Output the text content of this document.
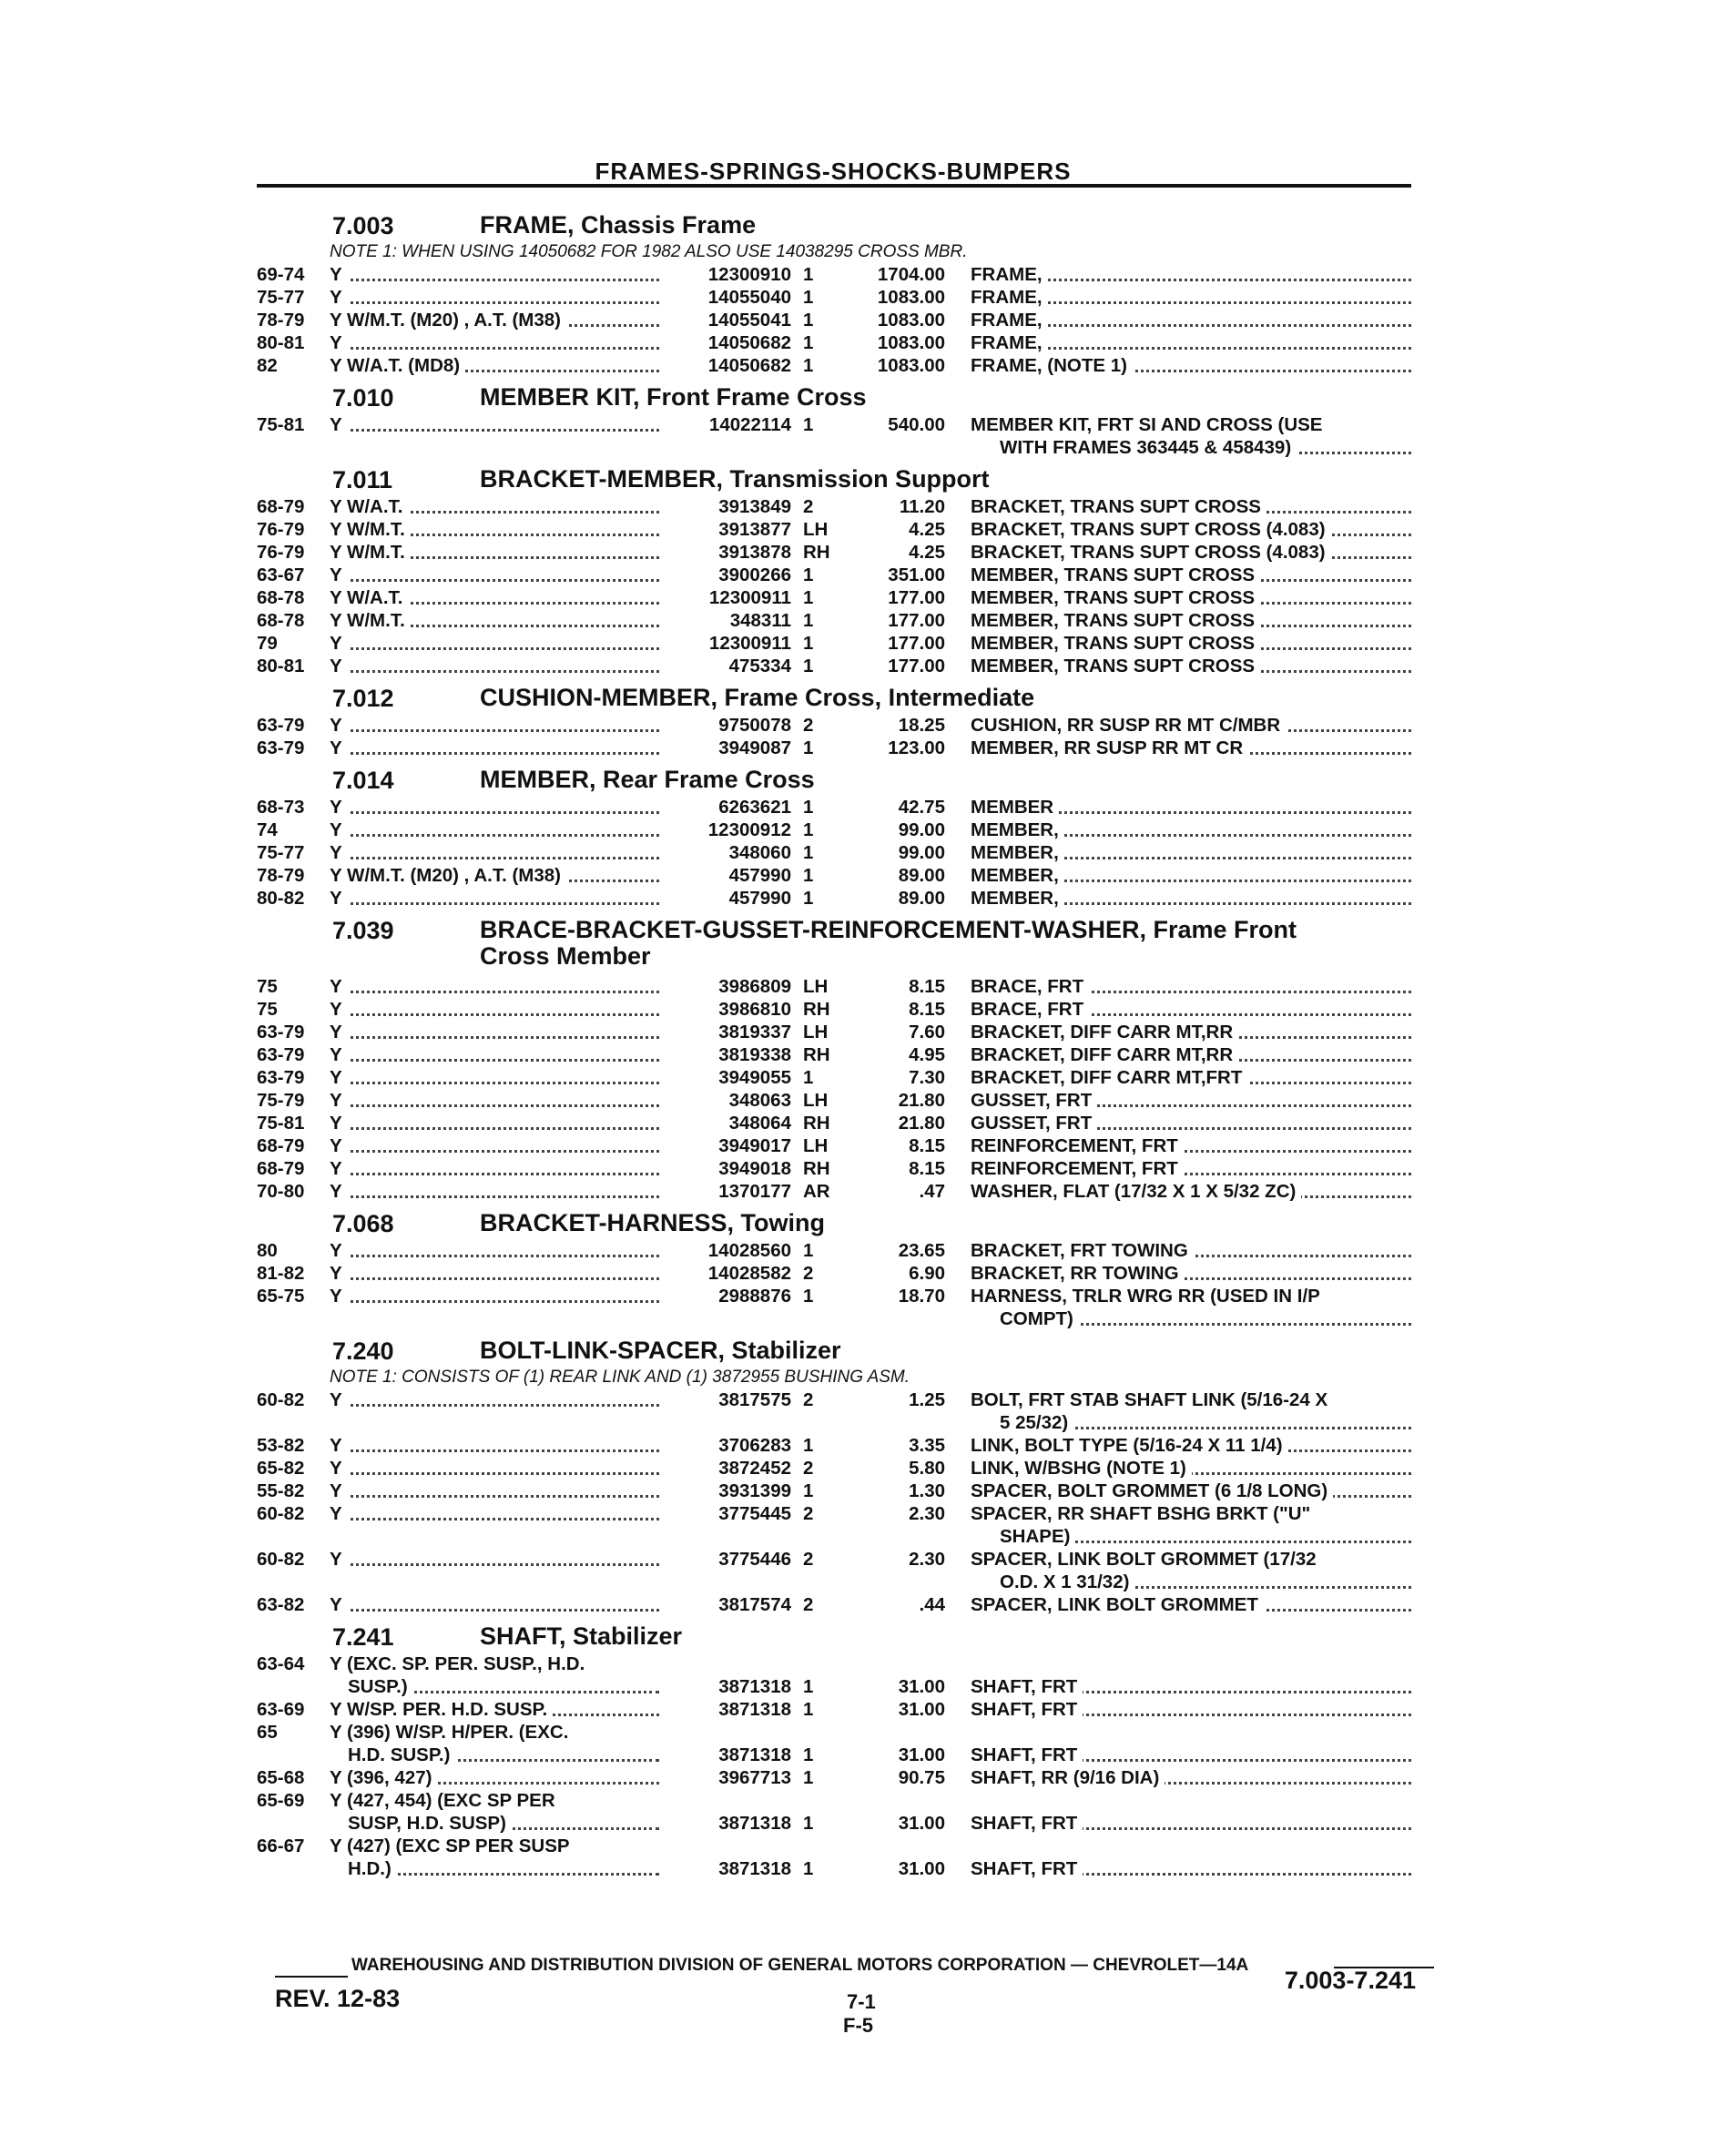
FRAMES-SPRINGS-SHOCKS-BUMPERS
7.003	FRAME, Chassis Frame
NOTE 1: WHEN USING 14050682 FOR 1982 ALSO USE 14038295 CROSS MBR.
69-74	Y	12300910 1	1704.00 FRAME,
75-77	Y	14055040 1	1083.00 FRAME,
78-79	Y W/M.T. (M20) , A.T. (M38)	14055041 1	1083.00 FRAME,
80-81	Y	14050682 1	1083.00 FRAME,
82	Y W/A.T. (MD8)	14050682 1	1083.00 FRAME, (NOTE 1)
7.010	MEMBER KIT, Front Frame Cross
75-81	Y	14022114 1	540.00 MEMBER KIT, FRT SI AND CROSS (USE
WITH FRAMES 363445 & 458439)
7.011	BRACKET-MEMBER, Transmission Support
68-79	Y W/A.T.	3913849 2	11.20 BRACKET, TRANS SUPT CROSS
76-79	Y W/M.T.	3913877 LH	4.25 BRACKET, TRANS SUPT CROSS (4.083)
76-79	Y W/M.T.	3913878 RH	4.25 BRACKET, TRANS SUPT CROSS (4.083)
63-67	Y	3900266 1	351.00 MEMBER, TRANS SUPT CROSS
68-78	Y W/A.T.	12300911 1	177.00 MEMBER, TRANS SUPT CROSS
68-78	Y W/M.T.	348311 1	177.00 MEMBER, TRANS SUPT CROSS
79	Y	12300911 1	177.00 MEMBER, TRANS SUPT CROSS
80-81	Y	475334 1	177.00 MEMBER, TRANS SUPT CROSS
7.012	CUSHION-MEMBER, Frame Cross, Intermediate
63-79	Y	9750078 2	18.25 CUSHION, RR SUSP RR MT C/MBR
63-79	Y	3949087 1	123.00 MEMBER, RR SUSP RR MT CR
7.014	MEMBER, Rear Frame Cross
68-73	Y	6263621 1	42.75 MEMBER
74	Y	12300912 1	99.00 MEMBER,
75-77	Y	348060 1	99.00 MEMBER,
78-79	Y W/M.T. (M20) , A.T. (M38)	457990 1	89.00 MEMBER,
80-82	Y	457990 1	89.00 MEMBER,
7.039	BRACE-BRACKET-GUSSET-REINFORCEMENT-WASHER, Frame Front
Cross Member
75	Y	3986809 LH	8.15 BRACE, FRT
75	Y	3986810 RH	8.15 BRACE, FRT
63-79	Y	3819337 LH	7.60 BRACKET, DIFF CARR MT,RR
63-79	Y	3819338 RH	4.95 BRACKET, DIFF CARR MT,RR
63-79	Y	3949055 1	7.30 BRACKET, DIFF CARR MT,FRT
75-79	Y	348063 LH	21.80 GUSSET, FRT
75-81	Y	348064 RH	21.80 GUSSET, FRT
68-79	Y	3949017 LH	8.15 REINFORCEMENT, FRT
68-79	Y	3949018 RH	8.15 REINFORCEMENT, FRT
70-80	Y	1370177 AR	.47 WASHER, FLAT (17/32 X 1 X 5/32 ZC)
7.068	BRACKET-HARNESS, Towing
80	Y	14028560 1	23.65 BRACKET, FRT TOWING
81-82	Y	14028582 2	6.90 BRACKET, RR TOWING
65-75	Y	2988876 1	18.70 HARNESS, TRLR WRG RR (USED IN I/P
COMPT)
7.240	BOLT-LINK-SPACER, Stabilizer
NOTE 1: CONSISTS OF (1) REAR LINK AND (1) 3872955 BUSHING ASM.
60-82	Y	3817575 2	1.25 BOLT, FRT STAB SHAFT LINK (5/16-24 X
5 25/32)
53-82	Y	3706283 1	3.35 LINK, BOLT TYPE (5/16-24 X 11 1/4)
65-82	Y	3872452 2	5.80 LINK, W/BSHG (NOTE 1)
55-82	Y	3931399 1	1.30 SPACER, BOLT GROMMET (6 1/8 LONG)
60-82	Y	3775445 2	2.30 SPACER, RR SHAFT BSHG BRKT ("U"
SHAPE)
60-82	Y	3775446 2	2.30 SPACER, LINK BOLT GROMMET (17/32
O.D. X 1 31/32)
63-82	Y	3817574 2	.44 SPACER, LINK BOLT GROMMET
7.241	SHAFT, Stabilizer
63-64	Y (EXC. SP. PER. SUSP., H.D.
SUSP.)	3871318 1	31.00 SHAFT, FRT
63-69	Y W/SP. PER. H.D. SUSP.	3871318 1	31.00 SHAFT, FRT
65	Y (396) W/SP. H/PER. (EXC.
H.D. SUSP.)	3871318 1	31.00 SHAFT, FRT
65-68	Y (396, 427)	3967713 1	90.75 SHAFT, RR (9/16 DIA)
65-69	Y (427, 454) (EXC SP PER
SUSP, H.D. SUSP)	3871318 1	31.00 SHAFT, FRT
66-67	Y (427) (EXC SP PER SUSP
H.D.)	3871318 1	31.00 SHAFT, FRT
WAREHOUSING AND DISTRIBUTION DIVISION OF GENERAL MOTORS CORPORATION — CHEVROLET—14A
REV. 12-83	7-1
F-5
7.003-7.241
